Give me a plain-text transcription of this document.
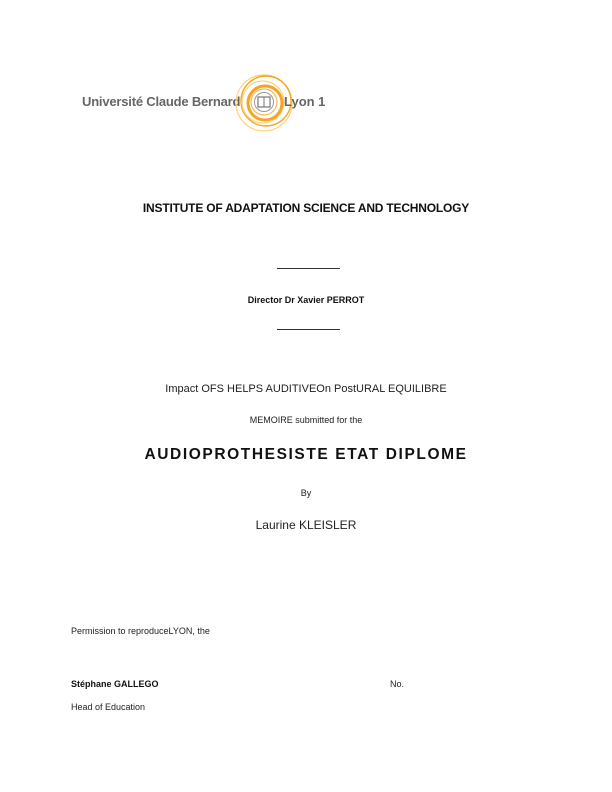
Université Claude Bernard	Lyon 1
INSTITUTE OF ADAPTATION SCIENCE AND TECHNOLOGY
Director Dr Xavier PERROT
Impact OFS HELPS AUDITIVEOn PostURAL EQUILIBRE
MEMOIRE submitted for the
AUDIOPROTHESISTE ETAT DIPLOME
By
Laurine KLEISLER
Permission to reproduceLYON, the
Stéphane GALLEGO	No.
Head of Education
